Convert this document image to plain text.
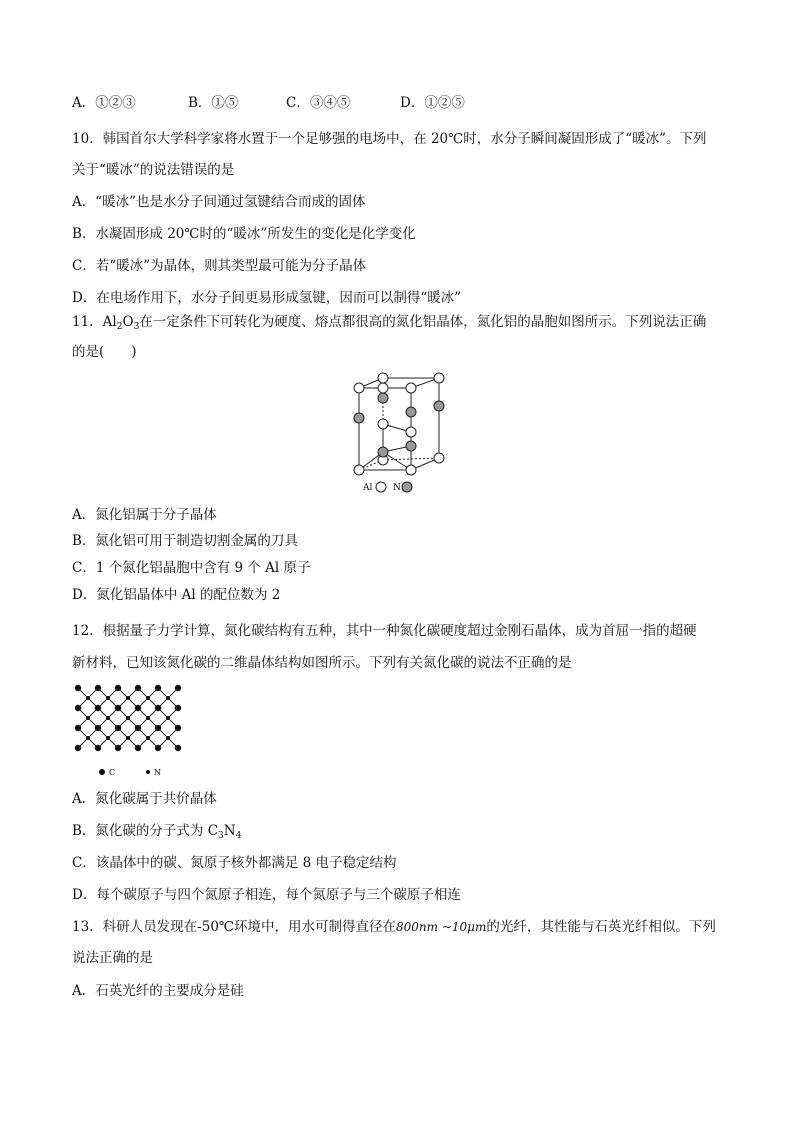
A．①②③	B．①⑤	C．③④⑤	D．①②⑤
10．韩国首尔大学科学家将水置于一个足够强的电场中，在 20℃时，水分子瞬间凝固形成了“暖冰”。下列
关于“暖冰”的说法错误的是
A．“暖冰”也是水分子间通过氢键结合而成的固体
B．水凝固形成 20℃时的“暖冰”所发生的变化是化学变化
C．若“暖冰”为晶体，则其类型最可能为分子晶体
D．在电场作用下，水分子间更易形成氢键，因而可以制得“暖冰”
11．$Al_2O_3$在一定条件下可转化为硬度、熔点都很高的氮化铝晶体，氮化铝的晶胞如图所示。下列说法正确
的是(　　)
Al N
A．氮化铝属于分子晶体
B．氮化铝可用于制造切割金属的刀具
C．1 个氮化铝晶胞中含有 9 个 Al 原子
D．氮化铝晶体中 Al 的配位数为 2
12．根据量子力学计算，氮化碳结构有五种，其中一种氮化碳硬度超过金刚石晶体，成为首屈一指的超硬
新材料，已知该氮化碳的二维晶体结构如图所示。下列有关氮化碳的说法不正确的是
C	N
A．氮化碳属于共价晶体
B．氮化碳的分子式为 $C_3N_4$
C．该晶体中的碳、氮原子核外都满足 8 电子稳定结构
D．每个碳原子与四个氮原子相连，每个氮原子与三个碳原子相连
13．科研人员发现在-50℃环境中，用水可制得直径在800nm ~10μm的光纤，其性能与石英光纤相似。下列
说法正确的是
A．石英光纤的主要成分是硅
